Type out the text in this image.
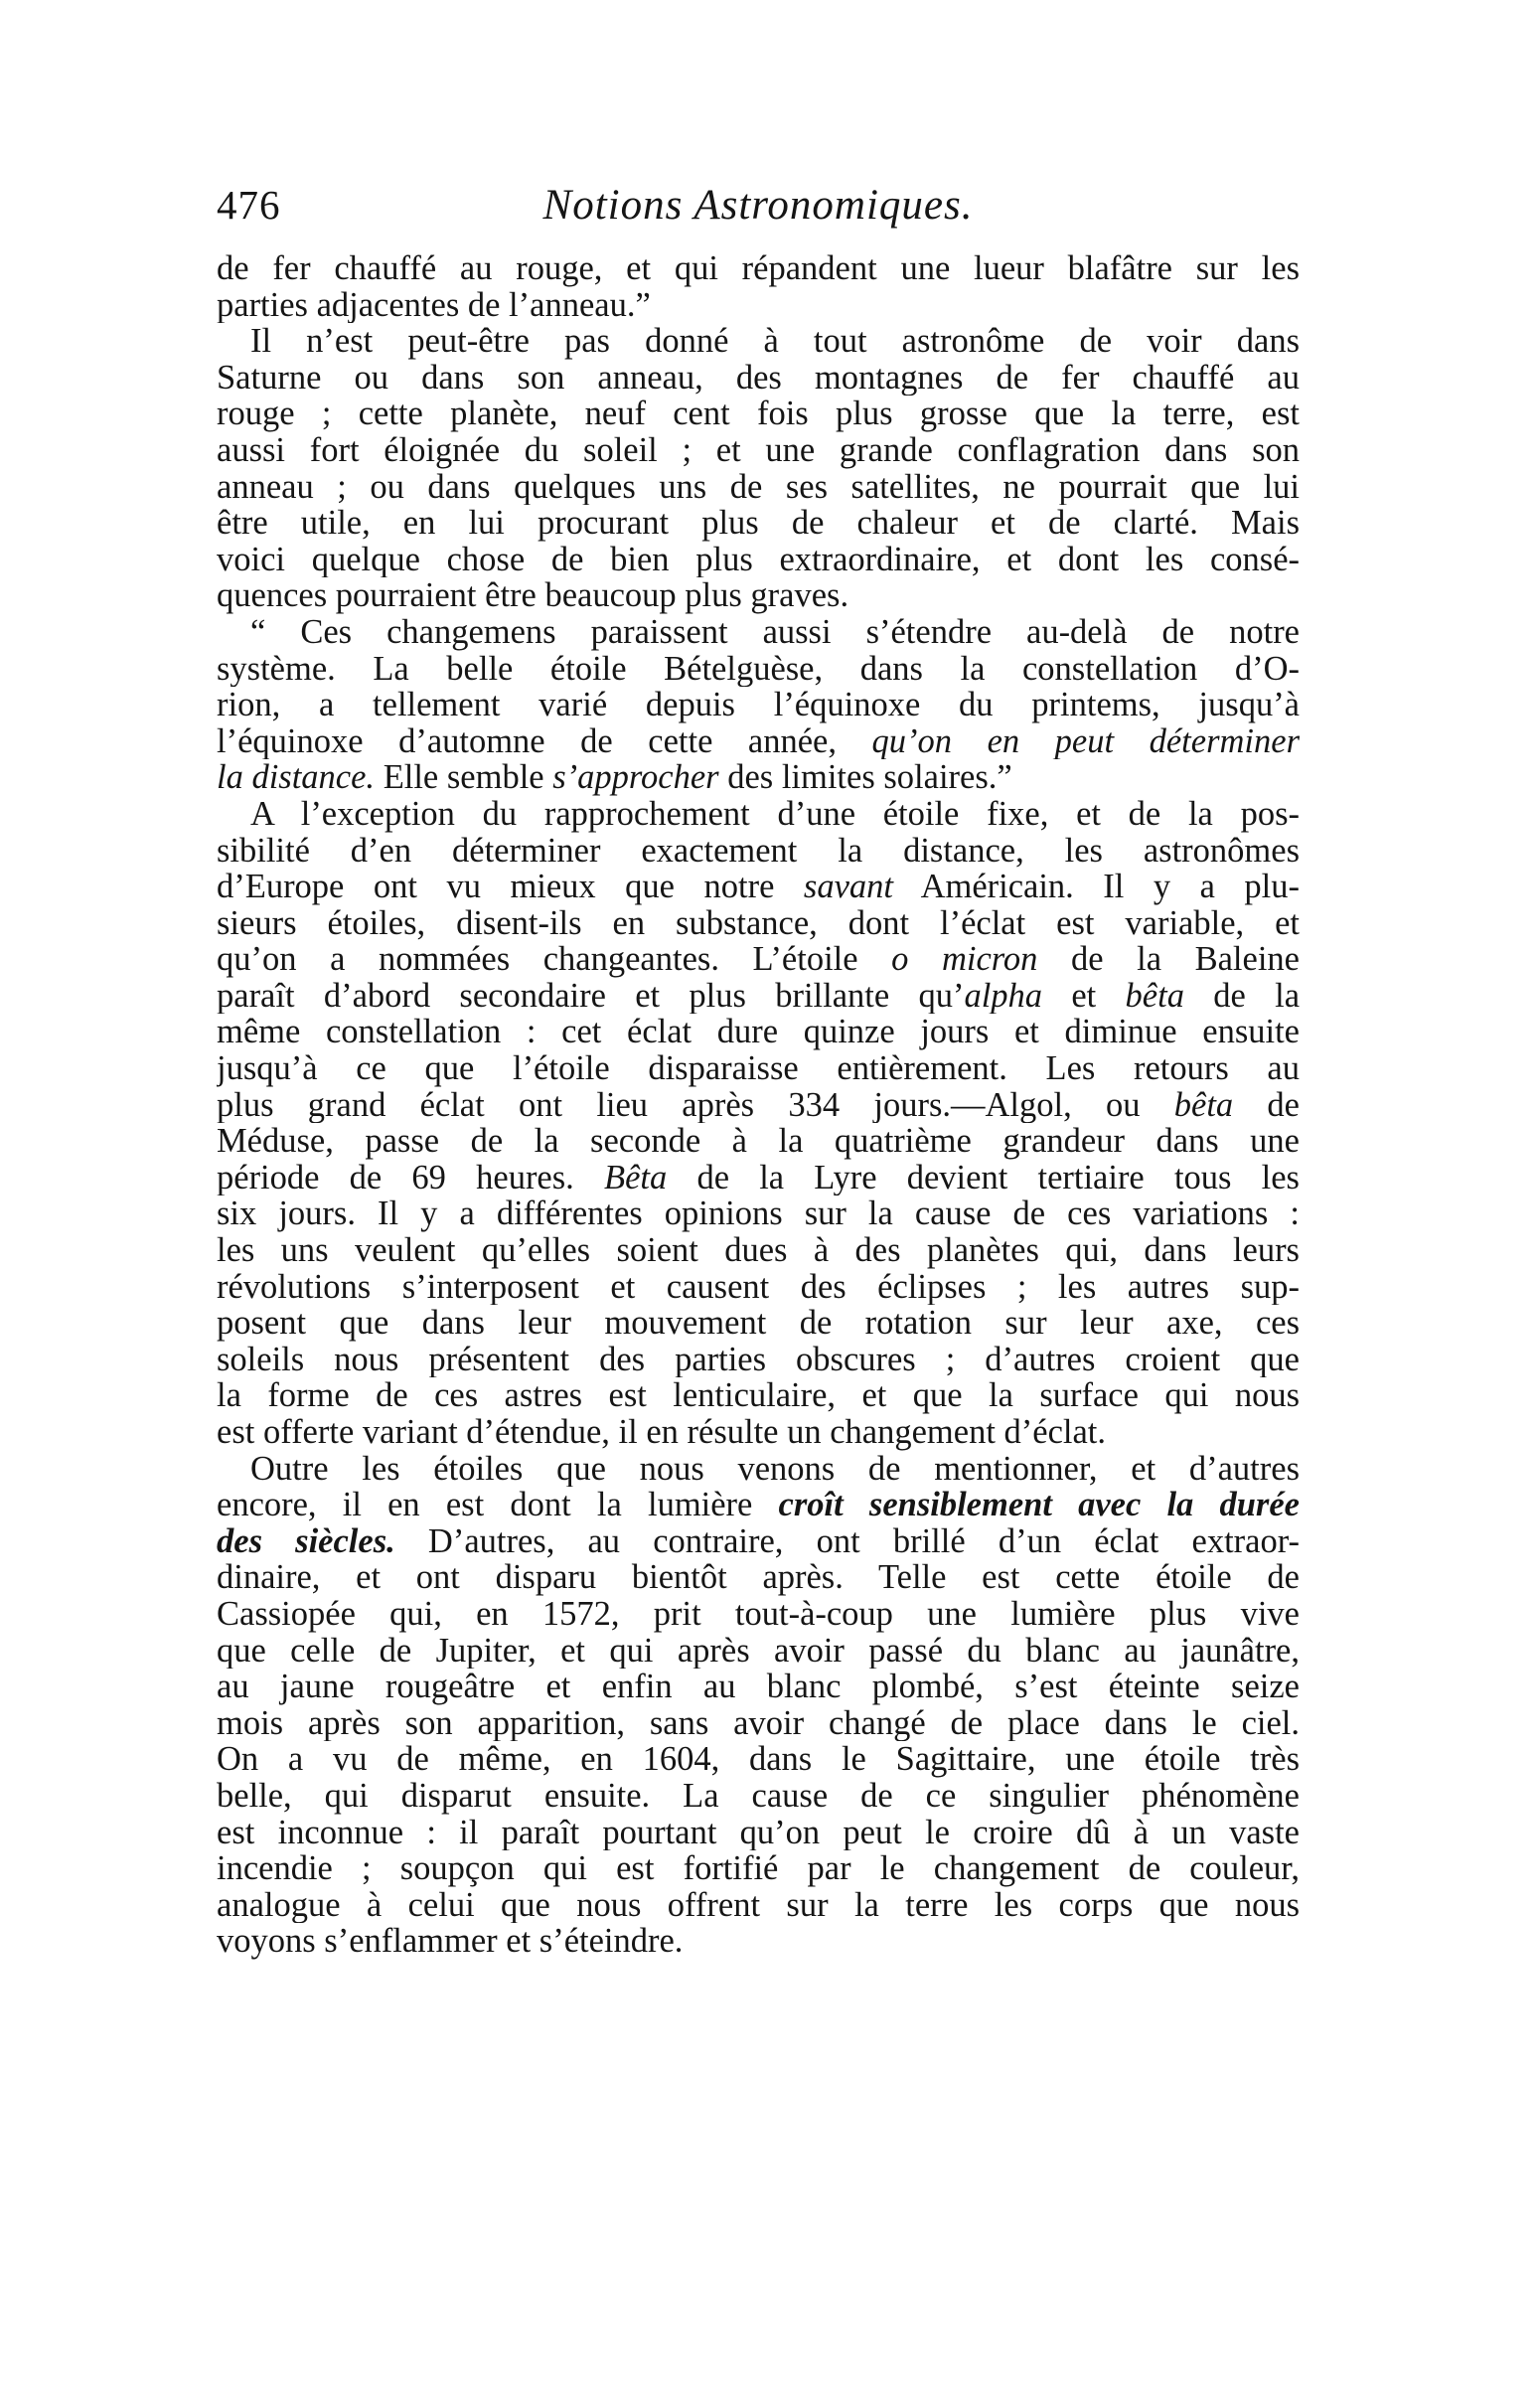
476	Notions Astronomiques.
de fer chauffé au rouge, et qui répandent une lueur blafâtre sur les
parties adjacentes de l’anneau.”
Il n’est peut-être pas donné à tout astronôme de voir dans
Saturne ou dans son anneau, des montagnes de fer chauffé au
rouge ; cette planète, neuf cent fois plus grosse que la terre, est
aussi fort éloignée du soleil ; et une grande conflagration dans son
anneau ; ou dans quelques uns de ses satellites, ne pourrait que lui
être utile, en lui procurant plus de chaleur et de clarté. Mais
voici quelque chose de bien plus extraordinaire, et dont les consé-
quences pourraient être beaucoup plus graves.
“ Ces changemens paraissent aussi s’étendre au-delà de notre
système. La belle étoile Bételguèse, dans la constellation d’O-
rion, a tellement varié depuis l’équinoxe du printems, jusqu’à
l’équinoxe d’automne de cette année, qu’on en peut déterminer
la distance. Elle semble s’approcher des limites solaires.”
A l’exception du rapprochement d’une étoile fixe, et de la pos-
sibilité d’en déterminer exactement la distance, les astronômes
d’Europe ont vu mieux que notre savant Américain. Il y a plu-
sieurs étoiles, disent-ils en substance, dont l’éclat est variable, et
qu’on a nommées changeantes. L’étoile o micron de la Baleine
paraît d’abord secondaire et plus brillante qu’alpha et bêta de la
même constellation : cet éclat dure quinze jours et diminue ensuite
jusqu’à ce que l’étoile disparaisse entièrement. Les retours au
plus grand éclat ont lieu après 334 jours.—Algol, ou bêta de
Méduse, passe de la seconde à la quatrième grandeur dans une
période de 69 heures. Bêta de la Lyre devient tertiaire tous les
six jours. Il y a différentes opinions sur la cause de ces variations :
les uns veulent qu’elles soient dues à des planètes qui, dans leurs
révolutions s’interposent et causent des éclipses ; les autres sup-
posent que dans leur mouvement de rotation sur leur axe, ces
soleils nous présentent des parties obscures ; d’autres croient que
la forme de ces astres est lenticulaire, et que la surface qui nous
est offerte variant d’étendue, il en résulte un changement d’éclat.
Outre les étoiles que nous venons de mentionner, et d’autres
encore, il en est dont la lumière croît sensiblement avec la durée
des siècles. D’autres, au contraire, ont brillé d’un éclat extraor-
dinaire, et ont disparu bientôt après. Telle est cette étoile de
Cassiopée qui, en 1572, prit tout-à-coup une lumière plus vive
que celle de Jupiter, et qui après avoir passé du blanc au jaunâtre,
au jaune rougeâtre et enfin au blanc plombé, s’est éteinte seize
mois après son apparition, sans avoir changé de place dans le ciel.
On a vu de même, en 1604, dans le Sagittaire, une étoile très
belle, qui disparut ensuite. La cause de ce singulier phénomène
est inconnue : il paraît pourtant qu’on peut le croire dû à un vaste
incendie ; soupçon qui est fortifié par le changement de couleur,
analogue à celui que nous offrent sur la terre les corps que nous
voyons s’enflammer et s’éteindre.
